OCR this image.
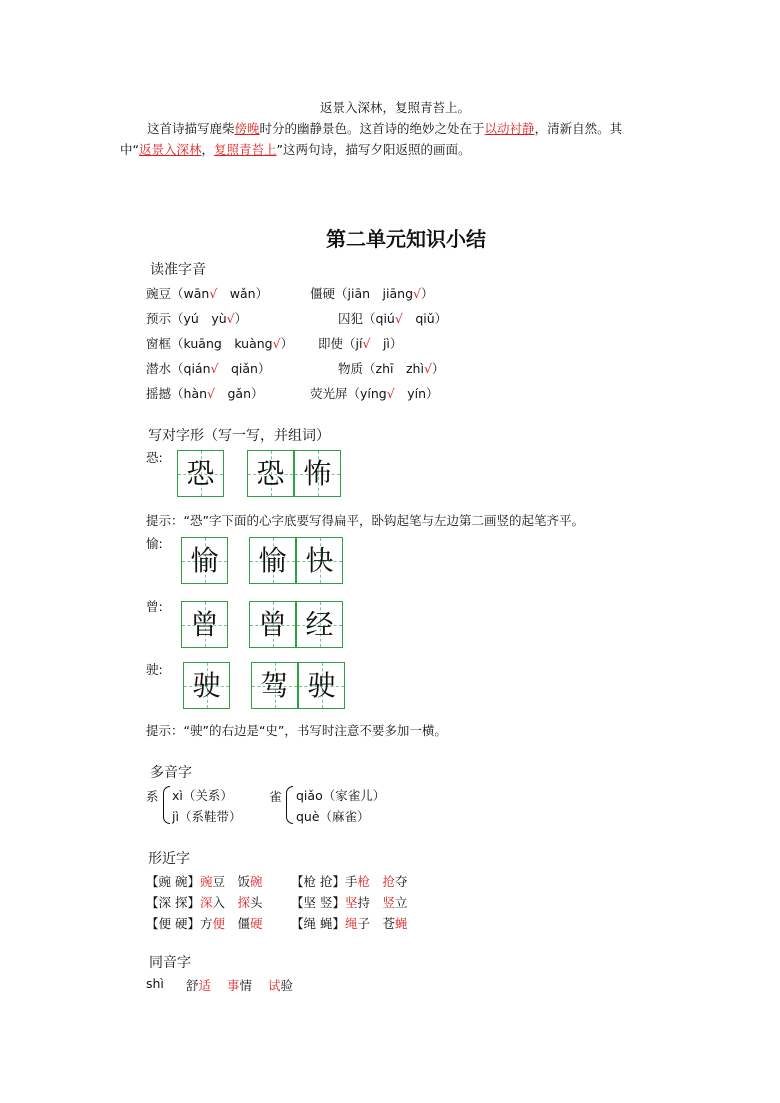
返景入深林，复照青苔上。
这首诗描写鹿柴傍晚时分的幽静景色。这首诗的绝妙之处在于以动衬静，清新自然。其
中“返景入深林，复照青苔上”这两句诗，描写夕阳返照的画面。
第二单元知识小结
读准字音
豌豆（wān√  wǎn）	僵硬（jiān  jiāng√）
预示（yú  yù√）	囚犯（qiú√  qiǔ）
窗框（kuāng  kuàng√） 即使（jí√  jì）
潜水（qián√  qiǎn）	物质（zhī  zhì√）
摇撼（hàn√  gǎn）	荧光屏（yíng√  yín）
写对字形（写一写，并组词）
恐: 恐	恐 怖
愉:
愉	愉 快
曾:
曾	曾 经
驶:	驶	驾 驶
提示：“恐”字下面的心字底要写得扁平，卧钩起笔与左边第二画竖的起笔齐平。
提示：“驶”的右边是“史”，书写时注意不要多加一横。
多音字
系 xì（关系）
jì（系鞋带）
雀 qiǎo（家雀儿）
què（麻雀）
形近字
【豌 碗】豌豆  饭碗 【枪 抢】手枪  抢夺
【深 探】深入  探头 【坚 竖】坚持  竖立
【便 硬】方便  僵硬 【绳 蝇】绳子  苍蝇
同音字
shì 舒适 事情 试验
